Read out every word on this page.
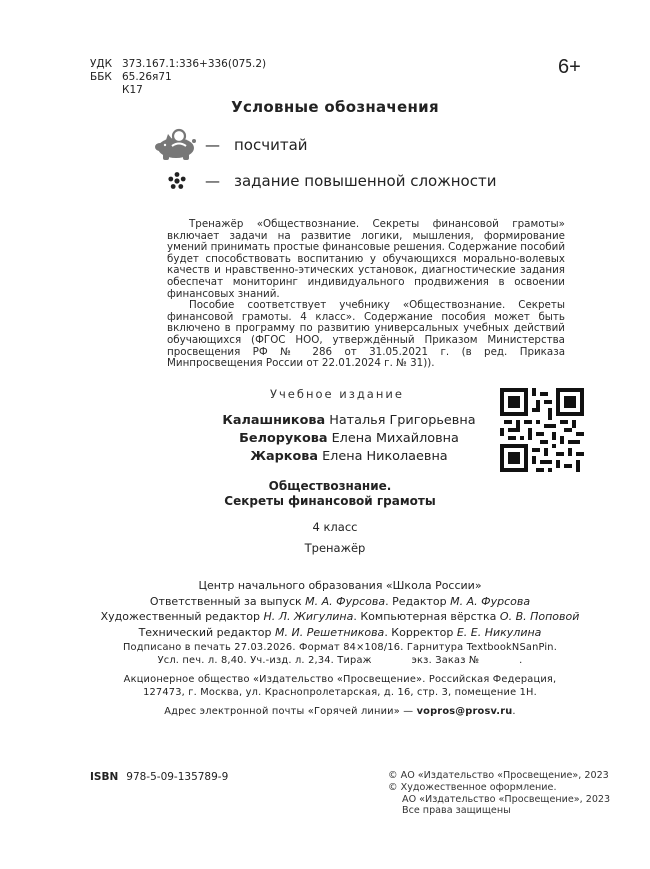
УДК 373.167.1:336+336(075.2)
ББК 65.26я71
К17
6+
Условные обозначения
— посчитай
— задание повышенной сложности

Тренажёр «Обществознание. Секреты финансовой грамоты» включает задачи на развитие логики, мышления, формирование умений принимать простые финансовые решения. Содержание пособий будет способствовать воспитанию у обучающихся морально-волевых качеств и нравственно-этических установок, диагностические задания обеспечат мониторинг индивидуального продвижения в освоении финансовых знаний.

Пособие соответствует учебнику «Обществознание. Секреты финансовой грамоты. 4 класс». Содержание пособия может быть включено в программу по развитию универсальных учебных действий обучающихся (ФГОС НОО, утверждённый Приказом Министерства просвещения РФ № 286 от 31.05.2021 г. (в ред. Приказа Минпросвещения России от 22.01.2024 г. № 31)).

Учебное издание
Калашникова Наталья Григорьевна
Белорукова Елена Михайловна
Жаркова Елена Николаевна
Обществознание.
Секреты финансовой грамоты
4 класс
Тренажёр
Центр начального образования «Школа России»
Ответственный за выпуск М. А. Фурсова. Редактор М. А. Фурсова
Художественный редактор Н. Л. Жигулина. Компьютерная вёрстка О. В. Поповой
Технический редактор М. И. Решетникова. Корректор Е. Е. Никулина
Подписано в печать 27.03.2026. Формат 84×108/16. Гарнитура TextbookNSanPin.
Усл. печ. л. 8,40. Уч.-изд. л. 2,34. Тираж            экз. Заказ №            .
Акционерное общество «Издательство «Просвещение». Российская Федерация,
127473, г. Москва, ул. Краснопролетарская, д. 16, стр. 3, помещение 1Н.
Адрес электронной почты «Горячей линии» — vopros@prosv.ru.
ISBN 978-5-09-135789-9	© АО «Издательство «Просвещение», 2023
© Художественное оформление.
АО «Издательство «Просвещение», 2023
Все права защищены
